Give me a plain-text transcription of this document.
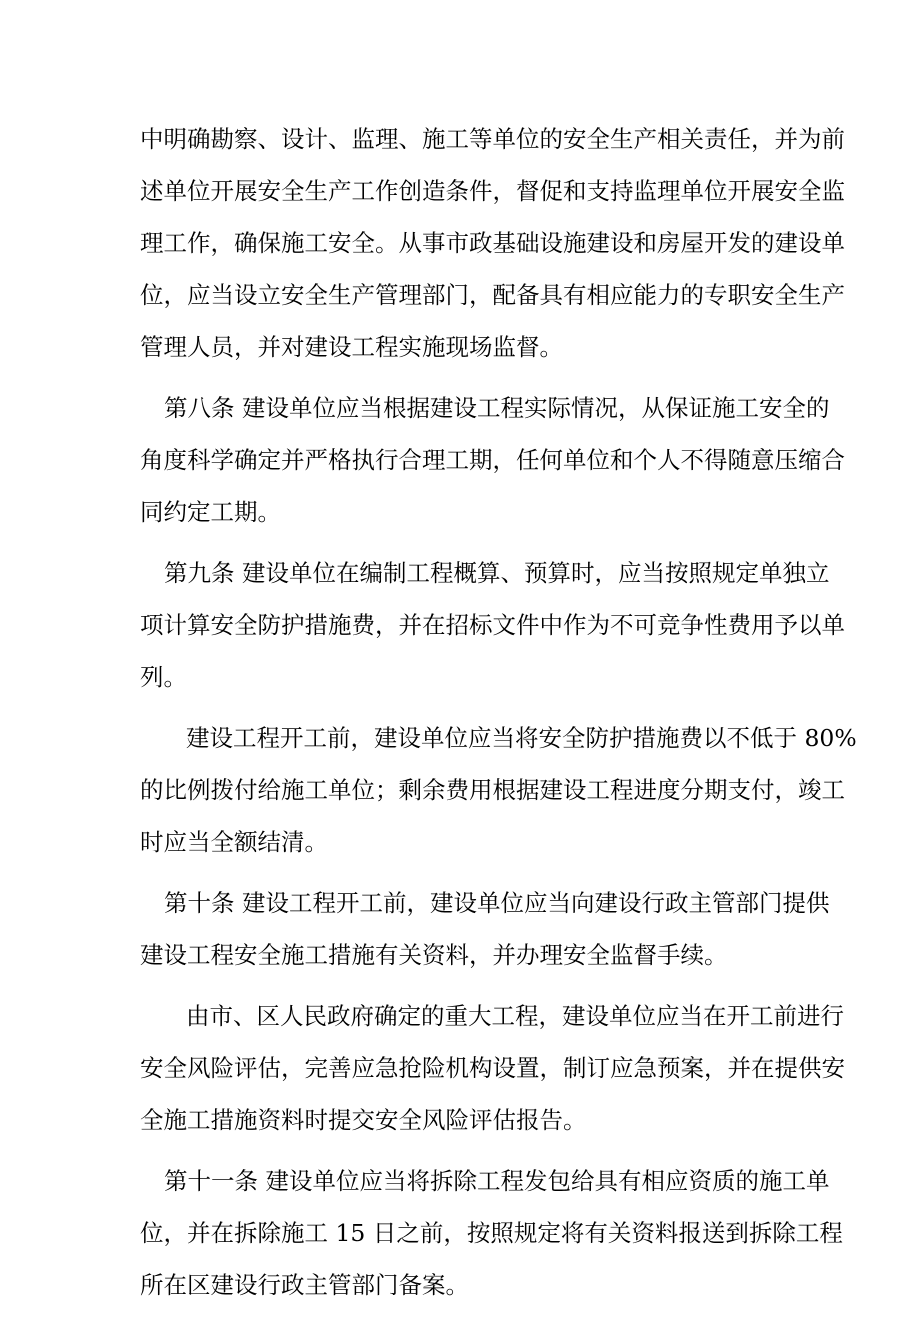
中明确勘察、设计、监理、施工等单位的安全生产相关责任，并为前
述单位开展安全生产工作创造条件，督促和支持监理单位开展安全监
理工作，确保施工安全。从事市政基础设施建设和房屋开发的建设单
位，应当设立安全生产管理部门，配备具有相应能力的专职安全生产
管理人员，并对建设工程实施现场监督。
第八条 建设单位应当根据建设工程实际情况，从保证施工安全的
角度科学确定并严格执行合理工期，任何单位和个人不得随意压缩合
同约定工期。
第九条 建设单位在编制工程概算、预算时，应当按照规定单独立
项计算安全防护措施费，并在招标文件中作为不可竞争性费用予以单
列。
建设工程开工前，建设单位应当将安全防护措施费以不低于 80%
的比例拨付给施工单位；剩余费用根据建设工程进度分期支付，竣工
时应当全额结清。
第十条 建设工程开工前，建设单位应当向建设行政主管部门提供
建设工程安全施工措施有关资料，并办理安全监督手续。
由市、区人民政府确定的重大工程，建设单位应当在开工前进行
安全风险评估，完善应急抢险机构设置，制订应急预案，并在提供安
全施工措施资料时提交安全风险评估报告。
第十一条 建设单位应当将拆除工程发包给具有相应资质的施工单
位，并在拆除施工 15 日之前，按照规定将有关资料报送到拆除工程
所在区建设行政主管部门备案。
